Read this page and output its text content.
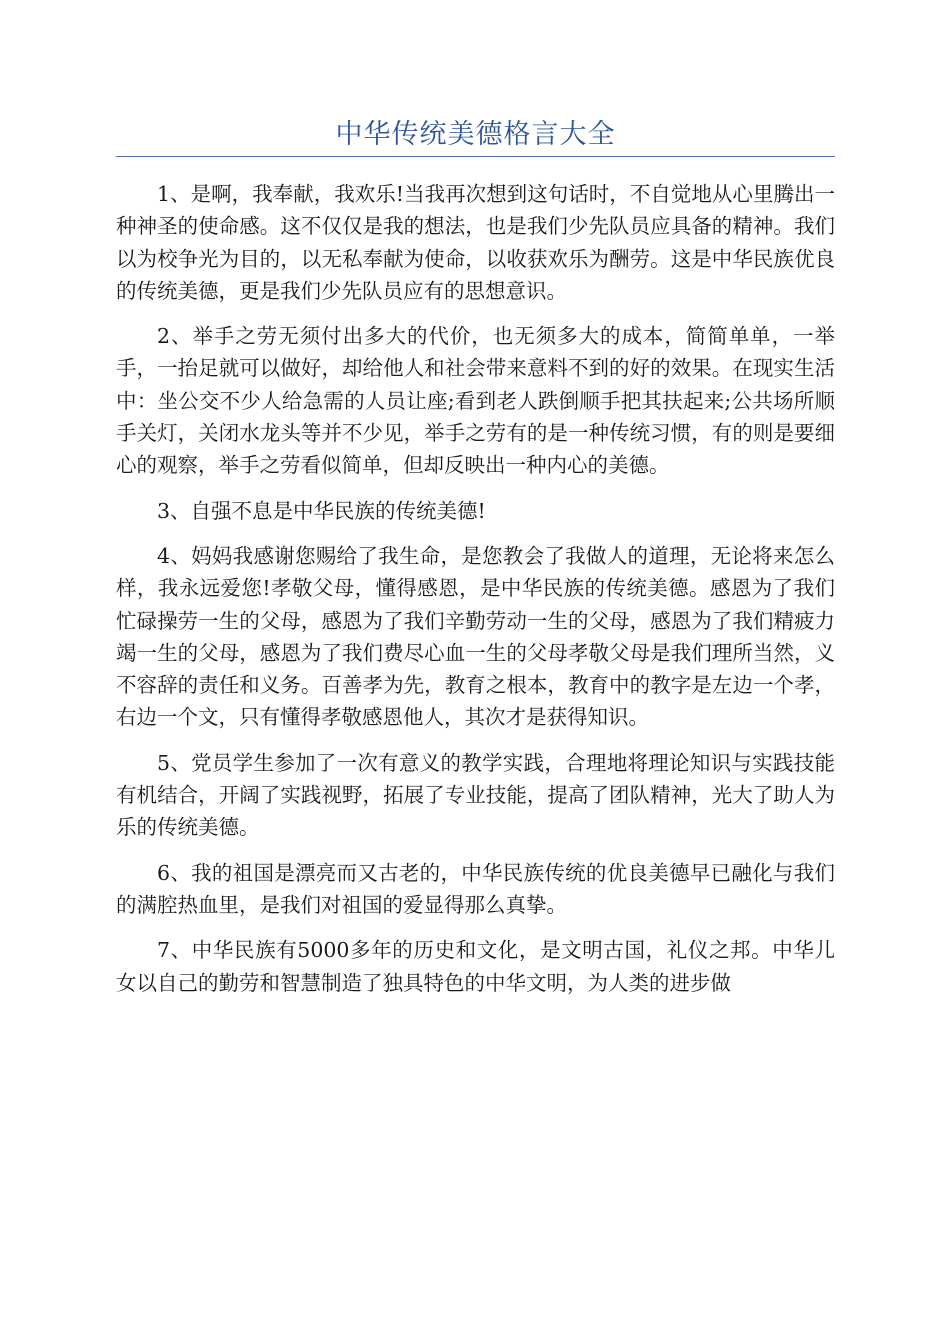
中华传统美德格言大全

1、是啊，我奉献，我欢乐!当我再次想到这句话时，不自觉地从心里腾出一种神圣的使命感。这不仅仅是我的想法，也是我们少先队员应具备的精神。我们以为校争光为目的，以无私奉献为使命，以收获欢乐为酬劳。这是中华民族优良的传统美德，更是我们少先队员应有的思想意识。

2、举手之劳无须付出多大的代价，也无须多大的成本，简简单单，一举手，一抬足就可以做好，却给他人和社会带来意料不到的好的效果。在现实生活中：坐公交不少人给急需的人员让座;看到老人跌倒顺手把其扶起来;公共场所顺手关灯，关闭水龙头等并不少见，举手之劳有的是一种传统习惯，有的则是要细心的观察，举手之劳看似简单，但却反映出一种内心的美德。

3、自强不息是中华民族的传统美德!

4、妈妈我感谢您赐给了我生命，是您教会了我做人的道理，无论将来怎么样，我永远爱您!孝敬父母，懂得感恩，是中华民族的传统美德。感恩为了我们忙碌操劳一生的父母，感恩为了我们辛勤劳动一生的父母，感恩为了我们精疲力竭一生的父母，感恩为了我们费尽心血一生的父母孝敬父母是我们理所当然，义不容辞的责任和义务。百善孝为先，教育之根本，教育中的教字是左边一个孝，右边一个文，只有懂得孝敬感恩他人，其次才是获得知识。

5、党员学生参加了一次有意义的教学实践，合理地将理论知识与实践技能有机结合，开阔了实践视野，拓展了专业技能，提高了团队精神，光大了助人为乐的传统美德。

6、我的祖国是漂亮而又古老的，中华民族传统的优良美德早已融化与我们的满腔热血里，是我们对祖国的爱显得那么真挚。

7、中华民族有5000多年的历史和文化，是文明古国，礼仪之邦。中华儿女以自己的勤劳和智慧制造了独具特色的中华文明，为人类的进步做
